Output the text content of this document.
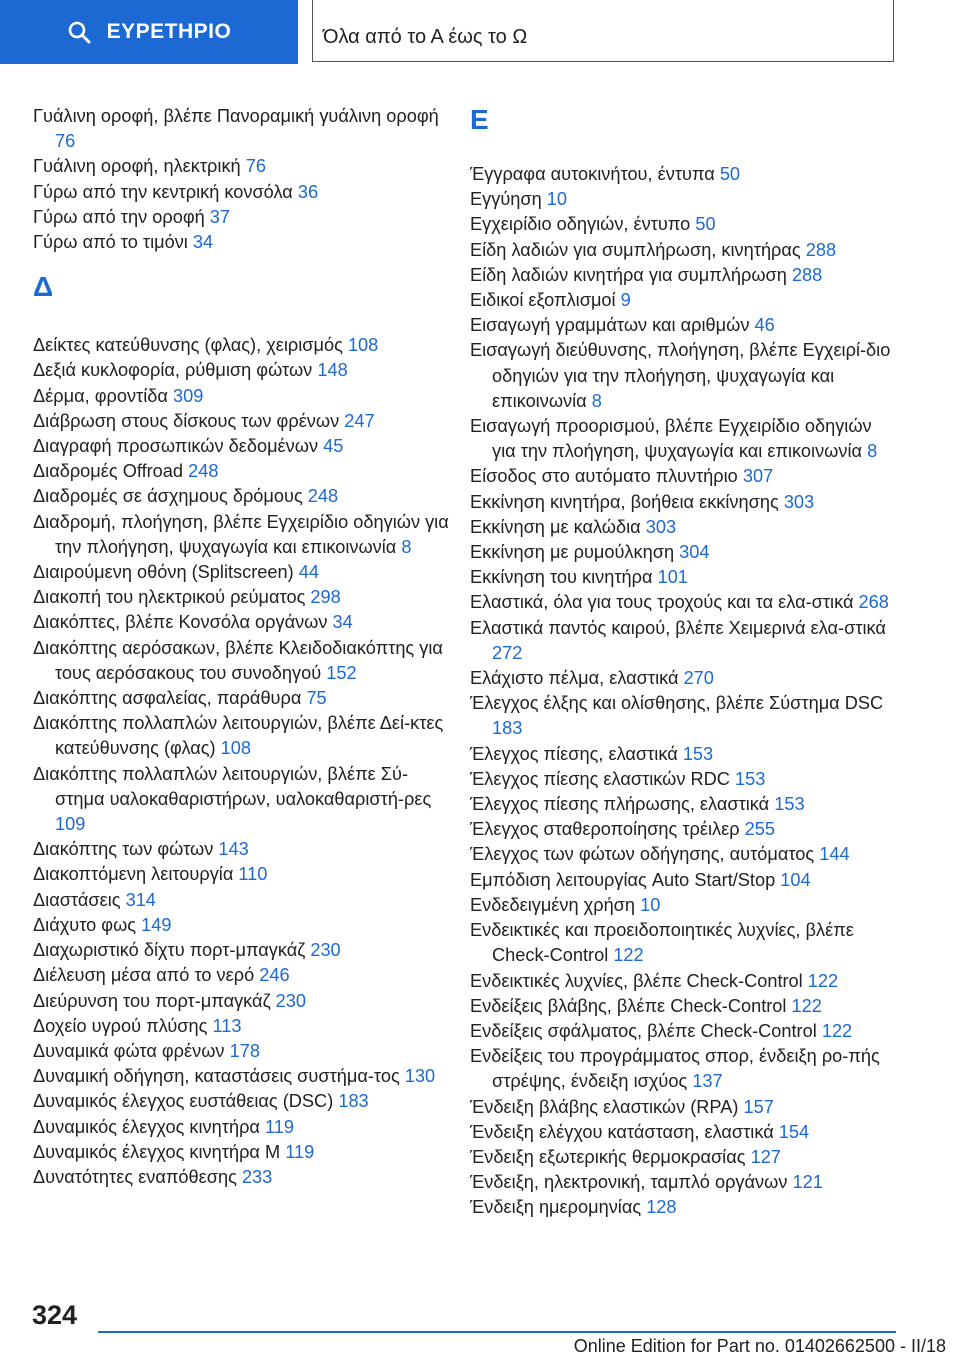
ΕΥΡΕΤΗΡΙΟ	Όλα από το Α έως το Ω
Γυάλινη οροφή, βλέπε Πανοραμική γυάλινη οροφή 76
Γυάλινη οροφή, ηλεκτρική 76
Γύρω από την κεντρική κονσόλα 36
Γύρω από την οροφή 37
Γύρω από το τιμόνι 34
Δ
Δείκτες κατεύθυνσης (φλας), χειρισμός 108
Δεξιά κυκλοφορία, ρύθμιση φώτων 148
Δέρμα, φροντίδα 309
Διάβρωση στους δίσκους των φρένων 247
Διαγραφή προσωπικών δεδομένων 45
Διαδρομές Offroad 248
Διαδρομές σε άσχημους δρόμους 248
Διαδρομή, πλοήγηση, βλέπε Εγχειρίδιο οδηγιών για την πλοήγηση, ψυχαγωγία και επικοινωνία 8
Διαιρούμενη οθόνη (Splitscreen) 44
Διακοπή του ηλεκτρικού ρεύματος 298
Διακόπτες, βλέπε Κονσόλα οργάνων 34
Διακόπτης αερόσακων, βλέπε Κλειδοδιακόπτης για τους αερόσακους του συνοδηγού 152
Διακόπτης ασφαλείας, παράθυρα 75
Διακόπτης πολλαπλών λειτουργιών, βλέπε Δεί-κτες κατεύθυνσης (φλας) 108
Διακόπτης πολλαπλών λειτουργιών, βλέπε Σύ-στημα υαλοκαθαριστήρων, υαλοκαθαριστή-ρες 109
Διακόπτης των φώτων 143
Διακοπτόμενη λειτουργία 110
Διαστάσεις 314
Διάχυτο φως 149
Διαχωριστικό δίχτυ πορτ-μπαγκάζ 230
Διέλευση μέσα από το νερό 246
Διεύρυνση του πορτ-μπαγκάζ 230
Δοχείο υγρού πλύσης 113
Δυναμικά φώτα φρένων 178
Δυναμική οδήγηση, καταστάσεις συστήμα-τος 130
Δυναμικός έλεγχος ευστάθειας (DSC) 183
Δυναμικός έλεγχος κινητήρα 119
Δυναμικός έλεγχος κινητήρα M 119
Δυνατότητες εναπόθεσης 233
E
Έγγραφα αυτοκινήτου, έντυπα 50
Εγγύηση 10
Εγχειρίδιο οδηγιών, έντυπο 50
Είδη λαδιών για συμπλήρωση, κινητήρας 288
Είδη λαδιών κινητήρα για συμπλήρωση 288
Ειδικοί εξοπλισμοί 9
Εισαγωγή γραμμάτων και αριθμών 46
Εισαγωγή διεύθυνσης, πλοήγηση, βλέπε Εγχειρί-διο οδηγιών για την πλοήγηση, ψυχαγωγία και επικοινωνία 8
Εισαγωγή προορισμού, βλέπε Εγχειρίδιο οδηγιών για την πλοήγηση, ψυχαγωγία και επικοινωνία 8
Είσοδος στο αυτόματο πλυντήριο 307
Εκκίνηση κινητήρα, βοήθεια εκκίνησης 303
Εκκίνηση με καλώδια 303
Εκκίνηση με ρυμούλκηση 304
Εκκίνηση του κινητήρα 101
Ελαστικά, όλα για τους τροχούς και τα ελα-στικά 268
Ελαστικά παντός καιρού, βλέπε Χειμερινά ελα-στικά 272
Ελάχιστο πέλμα, ελαστικά 270
Έλεγχος έλξης και ολίσθησης, βλέπε Σύστημα DSC 183
Έλεγχος πίεσης, ελαστικά 153
Έλεγχος πίεσης ελαστικών RDC 153
Έλεγχος πίεσης πλήρωσης, ελαστικά 153
Έλεγχος σταθεροποίησης τρέιλερ 255
Έλεγχος των φώτων οδήγησης, αυτόματος 144
Εμπόδιση λειτουργίας Auto Start/Stop 104
Ενδεδειγμένη χρήση 10
Ενδεικτικές και προειδοποιητικές λυχνίες, βλέπε Check-Control 122
Ενδεικτικές λυχνίες, βλέπε Check-Control 122
Ενδείξεις βλάβης, βλέπε Check-Control 122
Ενδείξεις σφάλματος, βλέπε Check-Control 122
Ενδείξεις του προγράμματος σπορ, ένδειξη ρο-πής στρέψης, ένδειξη ισχύος 137
Ένδειξη βλάβης ελαστικών (RPA) 157
Ένδειξη ελέγχου κατάσταση, ελαστικά 154
Ένδειξη εξωτερικής θερμοκρασίας 127
Ένδειξη, ηλεκτρονική, ταμπλό οργάνων 121
Ένδειξη ημερομηνίας 128
324
Online Edition for Part no. 01402662500 - II/18
